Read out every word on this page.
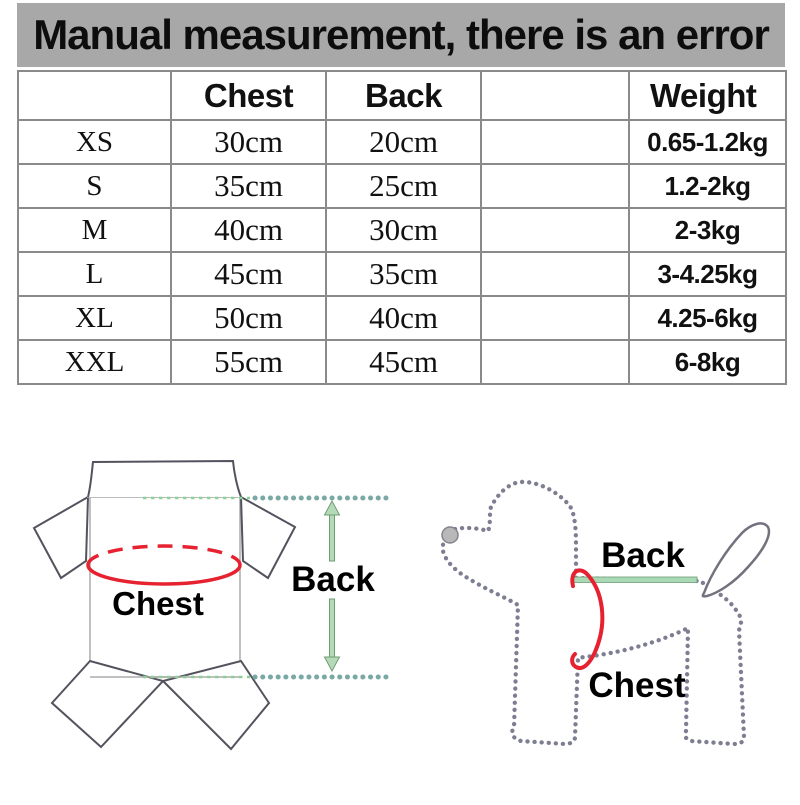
Manual measurement, there is an error
	Chest	Back		Weight
XS	30cm	20cm		0.65-1.2kg
S	35cm	25cm		1.2-2kg
M	40cm	30cm		2-3kg
L	45cm	35cm		3-4.25kg
XL	50cm	40cm		4.25-6kg
XXL	55cm	45cm		6-8kg
Chest
Back
Back
Chest
